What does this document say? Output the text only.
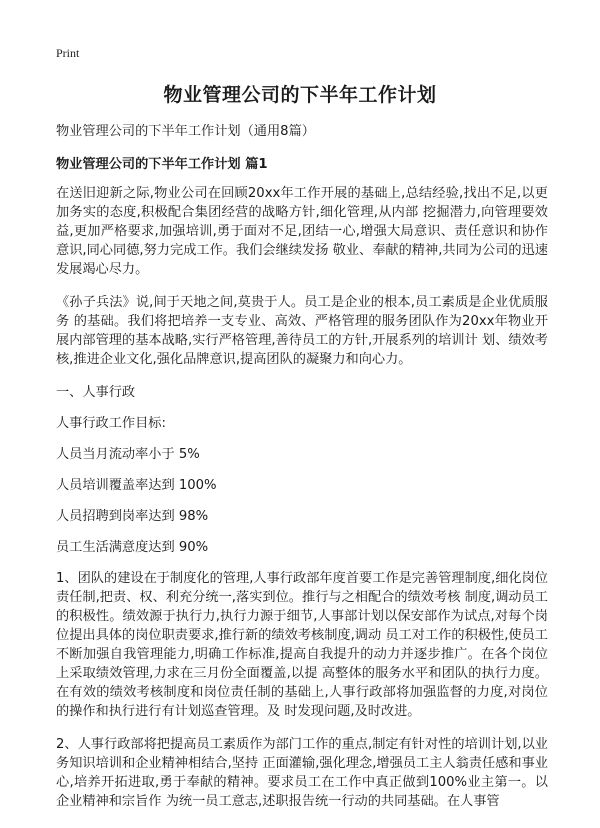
Print
物业管理公司的下半年工作计划

物业管理公司的下半年工作计划（通用8篇）

物业管理公司的下半年工作计划 篇1

在送旧迎新之际,物业公司在回顾20xx年工作开展的基础上,总结经验,找出不足,以更加务实的态度,积极配合集团经营的战略方针,细化管理,从内部 挖掘潜力,向管理要效益,更加严格要求,加强培训,勇于面对不足,团结一心,增强大局意识、责任意识和协作意识,同心同德,努力完成工作。我们会继续发扬 敬业、奉献的精神,共同为公司的迅速发展竭心尽力。

《孙子兵法》说,间于天地之间,莫贵于人。员工是企业的根本,员工素质是企业优质服务 的基础。我们将把培养一支专业、高效、严格管理的服务团队作为20xx年物业开展内部管理的基本战略,实行严格管理,善待员工的方针,开展系列的培训计 划、绩效考核,推进企业文化,强化品牌意识,提高团队的凝聚力和向心力。

一、人事行政

人事行政工作目标:

人员当月流动率小于 5%

人员培训覆盖率达到 100%

人员招聘到岗率达到 98%

员工生活满意度达到 90%

1、团队的建设在于制度化的管理,人事行政部年度首要工作是完善管理制度,细化岗位责任制,把责、权、利充分统一,落实到位。推行与之相配合的绩效考核 制度,调动员工的积极性。绩效源于执行力,执行力源于细节,人事部计划以保安部作为试点,对每个岗位提出具体的岗位职责要求,推行新的绩效考核制度,调动 员工对工作的积极性,使员工不断加强自我管理能力,明确工作标准,提高自我提升的动力并逐步推广。在各个岗位上采取绩效管理,力求在三月份全面覆盖,以提 高整体的服务水平和团队的执行力度。在有效的绩效考核制度和岗位责任制的基础上,人事行政部将加强监督的力度,对岗位的操作和执行进行有计划巡查管理。及 时发现问题,及时改进。

2、人事行政部将把提高员工素质作为部门工作的重点,制定有针对性的培训计划,以业务知识培训和企业精神相结合,坚持 正面灌输,强化理念,增强员工主人翁责任感和事业心,培养开拓进取,勇于奉献的精神。要求员工在工作中真正做到100%业主第一。以企业精神和宗旨作 为统一员工意志,述职报告统一行动的共同基础。在人事管
